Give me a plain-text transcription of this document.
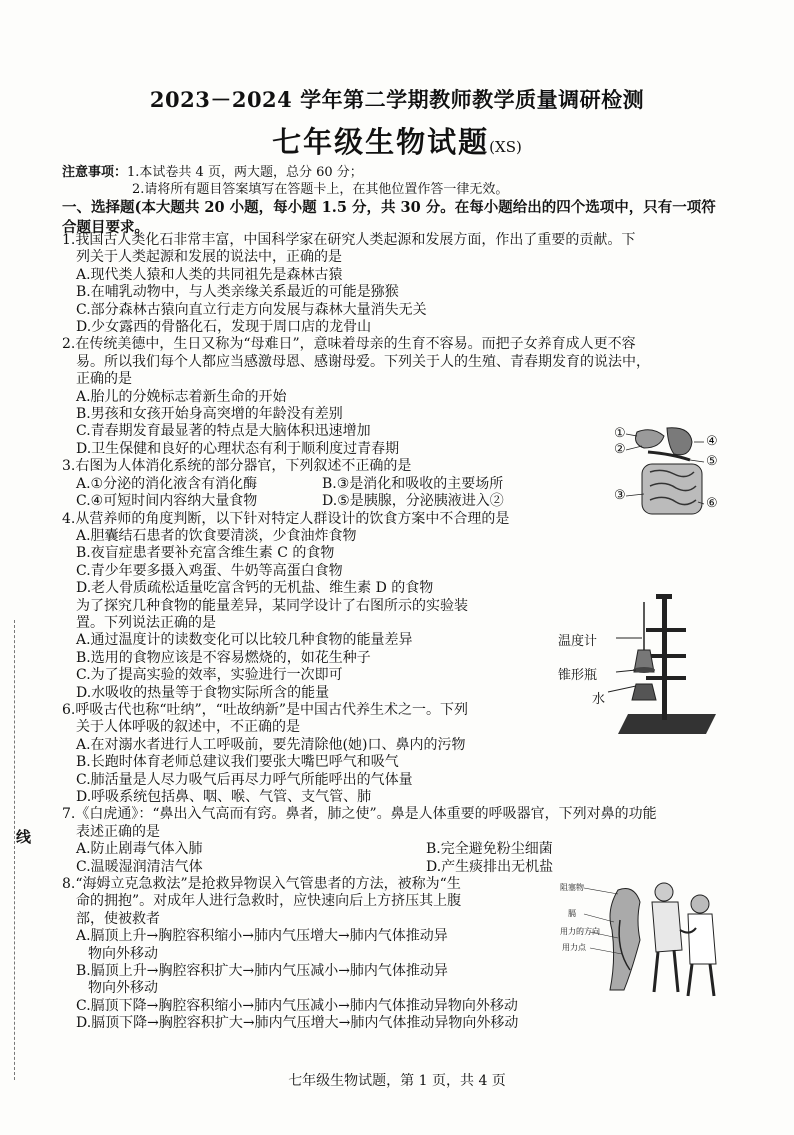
2023－2024 学年第二学期教师教学质量调研检测
七年级生物试题(XS)
注意事项：1.本试卷共 4 页，两大题，总分 60 分；
2.请将所有题目答案填写在答题卡上，在其他位置作答一律无效。
一、选择题(本大题共 20 小题，每小题 1.5 分，共 30 分。在每小题给出的四个选项中，只有一项符合题目要求。

1.我国古人类化石非常丰富，中国科学家在研究人类起源和发展方面，作出了重要的贡献。下

列关于人类起源和发展的说法中，正确的是

A.现代类人猿和人类的共同祖先是森林古猿

B.在哺乳动物中，与人类亲缘关系最近的可能是猕猴

C.部分森林古猿向直立行走方向发展与森林大量消失无关

D.少女露西的骨骼化石，发现于周口店的龙骨山

2.在传统美德中，生日又称为“母难日”，意味着母亲的生育不容易。而把子女养育成人更不容

易。所以我们每个人都应当感激母恩、感谢母爱。下列关于人的生殖、青春期发育的说法中，

正确的是

A.胎儿的分娩标志着新生命的开始

B.男孩和女孩开始身高突增的年龄没有差别

C.青春期发育最显著的特点是大脑体积迅速增加

D.卫生保健和良好的心理状态有利于顺利度过青春期

3.右图为人体消化系统的部分器官，下列叙述不正确的是

A.①分泌的消化液含有消化酶	B.③是消化和吸收的主要场所
C.④可短时间内容纳大量食物	D.⑤是胰腺，分泌胰液进入②

4.从营养师的角度判断，以下针对特定人群设计的饮食方案中不合理的是

A.胆囊结石患者的饮食要清淡，少食油炸食物

B.夜盲症患者要补充富含维生素 C 的食物

C.青少年要多摄入鸡蛋、牛奶等高蛋白食物

D.老人骨质疏松适量吃富含钙的无机盐、维生素 D 的食物

为了探究几种食物的能量差异，某同学设计了右图所示的实验装

置。下列说法正确的是

A.通过温度计的读数变化可以比较几种食物的能量差异

B.选用的食物应该是不容易燃烧的，如花生种子

C.为了提高实验的效率，实验进行一次即可

D.水吸收的热量等于食物实际所含的能量

6.呼吸古代也称“吐纳”，“吐故纳新”是中国古代养生术之一。下列

关于人体呼吸的叙述中，不正确的是

A.在对溺水者进行人工呼吸前，要先清除他(她)口、鼻内的污物

B.长跑时体育老师总建议我们要张大嘴巴呼气和吸气

C.肺活量是人尽力吸气后再尽力呼气所能呼出的气体量

D.呼吸系统包括鼻、咽、喉、气管、支气管、肺

7.《白虎通》：“鼻出入气高而有窍。鼻者，肺之使”。鼻是人体重要的呼吸器官，下列对鼻的功能

表述正确的是

A.防止剧毒气体入肺	B.完全避免粉尘细菌
C.温暖湿润清洁气体	D.产生痰排出无机盐

8.“海姆立克急救法”是抢救异物误入气管患者的方法，被称为“生

命的拥抱”。对成年人进行急救时，应快速向后上方挤压其上腹

部，使被救者

A.膈顶上升→胸腔容积缩小→肺内气压增大→肺内气体推动异

物向外移动

B.膈顶上升→胸腔容积扩大→肺内气压减小→肺内气体推动异

物向外移动

C.膈顶下降→胸腔容积缩小→肺内气压减小→肺内气体推动异物向外移动

D.膈顶下降→胸腔容积扩大→肺内气压增大→肺内气体推动异物向外移动

①
②
③
④
⑤
⑥
温度计
锥形瓶
水
阻塞物
膈
用力的方向
用力点
线
七年级生物试题，第 1 页，共 4 页
